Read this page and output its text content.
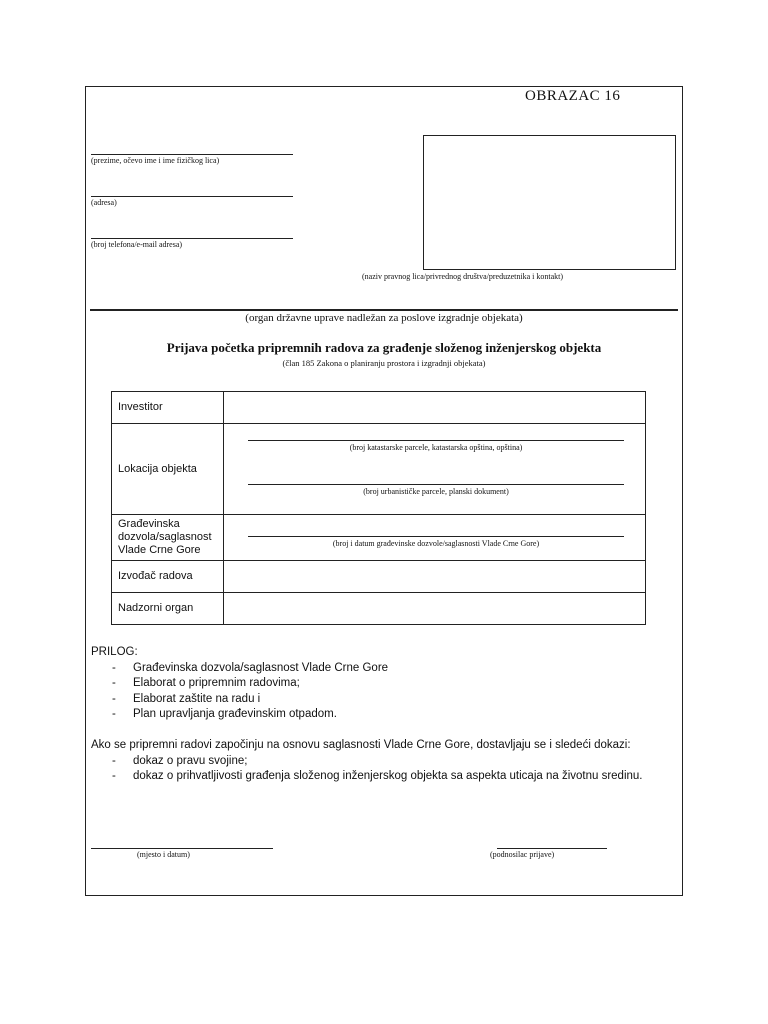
OBRAZAC 16
(prezime, očevo ime i ime fizičkog lica)
(adresa)
(broj telefona/e-mail adresa)
(naziv pravnog lica/privrednog društva/preduzetnika i kontakt)
(organ državne uprave nadležan za poslove izgradnje objekata)
Prijava početka pripremnih radova za građenje složenog inženjerskog objekta
(član 185 Zakona o planiranju prostora i izgradnji objekata)
Investitor	
Lokacija objekta	(broj katastarske parcele, katastarska opština, opština)
(broj urbanističke parcele, planski dokument)

Građevinska dozvola/saglasnost Vlade Crne Gore	(broj i datum građevinske dozvole/saglasnosti Vlade Crne Gore)

Izvođač radova	
Nadzorni organ	
PRILOG:
- Građevinska dozvola/saglasnost Vlade Crne Gore
- Elaborat o pripremnim radovima;
- Elaborat zaštite na radu i
- Plan upravljanja građevinskim otpadom.
Ako se pripremni radovi započinju na osnovu saglasnosti Vlade Crne Gore, dostavljaju se i sledeći dokazi:
- dokaz o pravu svojine;
- dokaz o prihvatljivosti građenja složenog inženjerskog objekta sa aspekta uticaja na životnu sredinu.
(mjesto i datum)	(podnosilac prijave)
